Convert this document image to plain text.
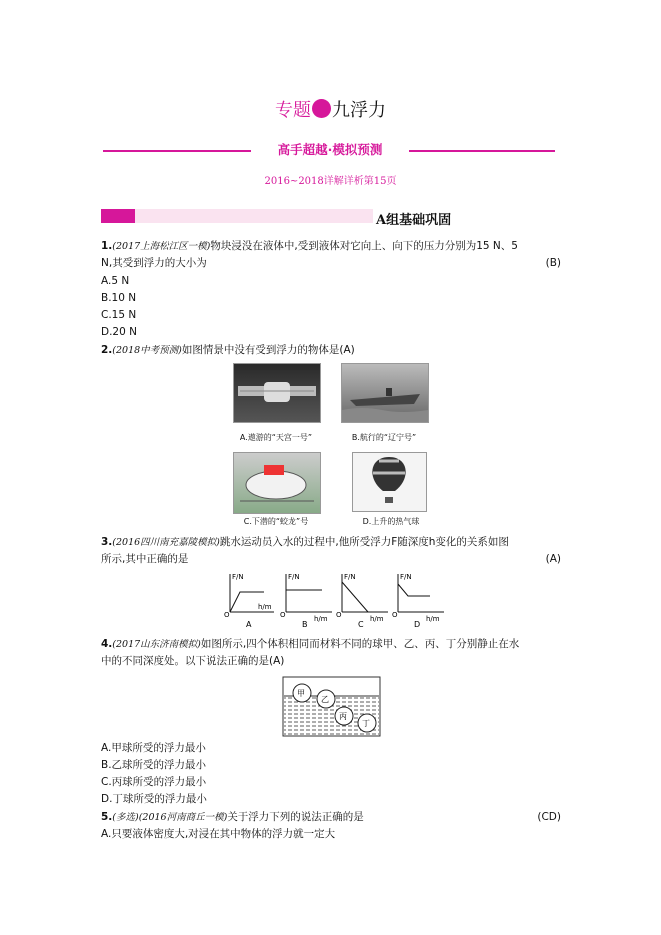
专题 九浮力
高手超越·模拟预测
2016~2018详解详析第15页
A组基础巩固
1.(2017上海松江区一模)物块浸没在液体中,受到液体对它向上、向下的压力分别为15 N、5
N,其受到浮力的大小为	(B)
A.5 N
B.10 N
C.15 N
D.20 N
2.(2018中考预测)如图情景中没有受到浮力的物体是(A)
A.遨游的“天宫一号”	B.航行的“辽宁号”
C.下潜的“蛟龙”号	D.上升的热气球
3.(2016四川南充嘉陵模拟)跳水运动员入水的过程中,他所受浮力F随深度h变化的关系如图
所示,其中正确的是	(A)
F/N
O
h/m
A
F/N
O	h/m
B
F/N
O	h/m
C
F/N
O	h/m
D
4.(2017山东济南模拟)如图所示,四个体积相同而材料不同的球甲、乙、丙、丁分别静止在水
中的不同深度处。以下说法正确的是(A)
甲
乙
丙
丁
A.甲球所受的浮力最小
B.乙球所受的浮力最小
C.丙球所受的浮力最小
D.丁球所受的浮力最小
5.(多选)(2016河南商丘一模)关于浮力下列的说法正确的是	(CD)
A.只要液体密度大,对浸在其中物体的浮力就一定大
